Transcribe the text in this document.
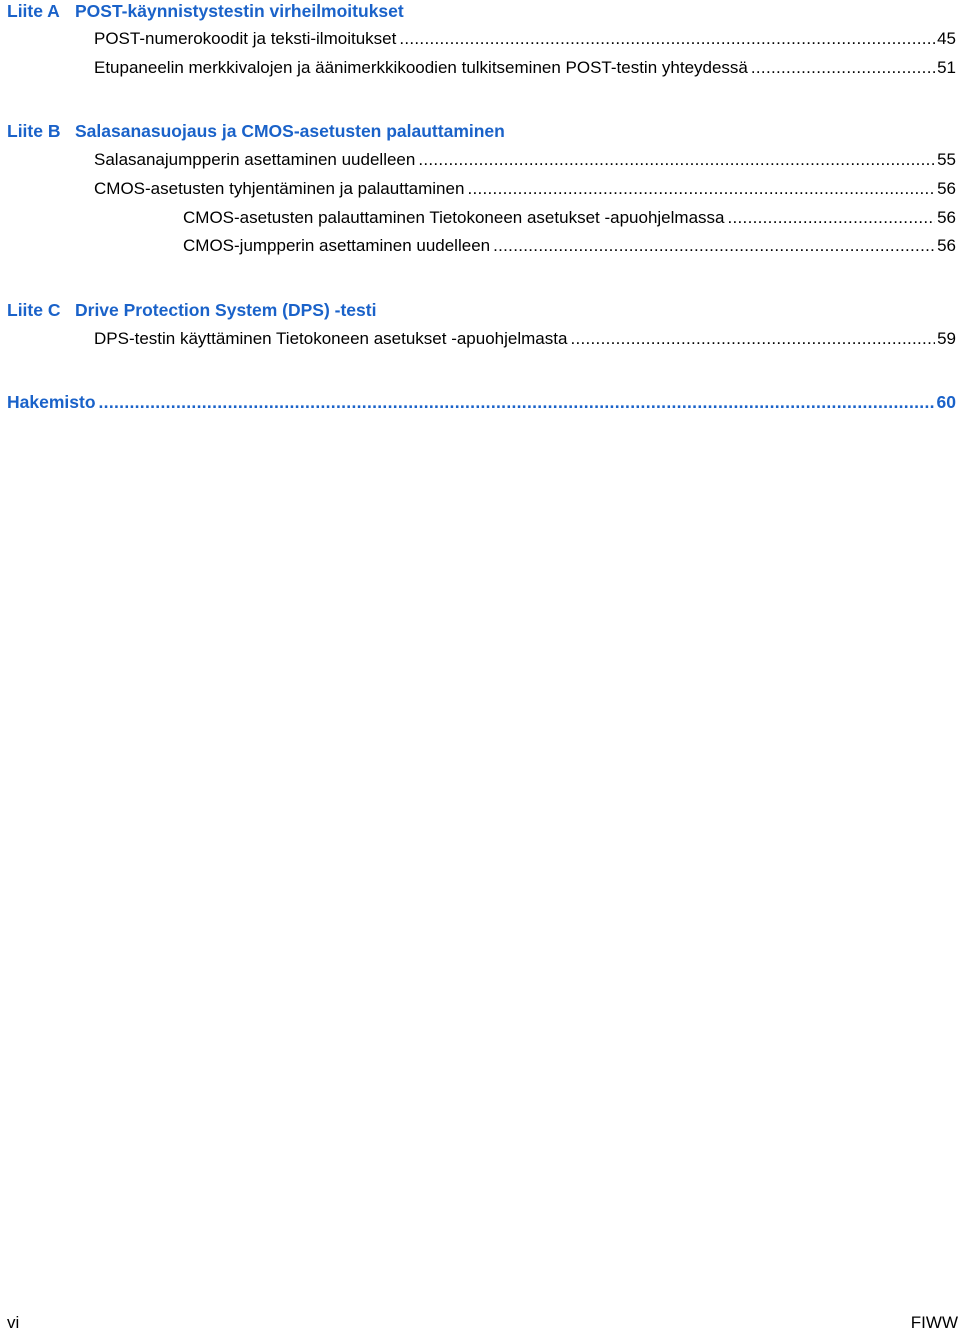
Liite A POST-käynnistystestin virheilmoitukset
POST-numerokoodit ja teksti-ilmoitukset .....	45
Etupaneelin merkkivalojen ja äänimerkkikoodien tulkitseminen POST-testin yhteydessä .....	51
Liite B Salasanasuojaus ja CMOS-asetusten palauttaminen
Salasanajumpperin asettaminen uudelleen .....	55
CMOS-asetusten tyhjentäminen ja palauttaminen .....	56
CMOS-asetusten palauttaminen Tietokoneen asetukset -apuohjelmassa .....	56
CMOS-jumpperin asettaminen uudelleen .....	56
Liite C Drive Protection System (DPS) -testi
DPS-testin käyttäminen Tietokoneen asetukset -apuohjelmasta .....	59
Hakemisto .....	60
vi	FIWW
